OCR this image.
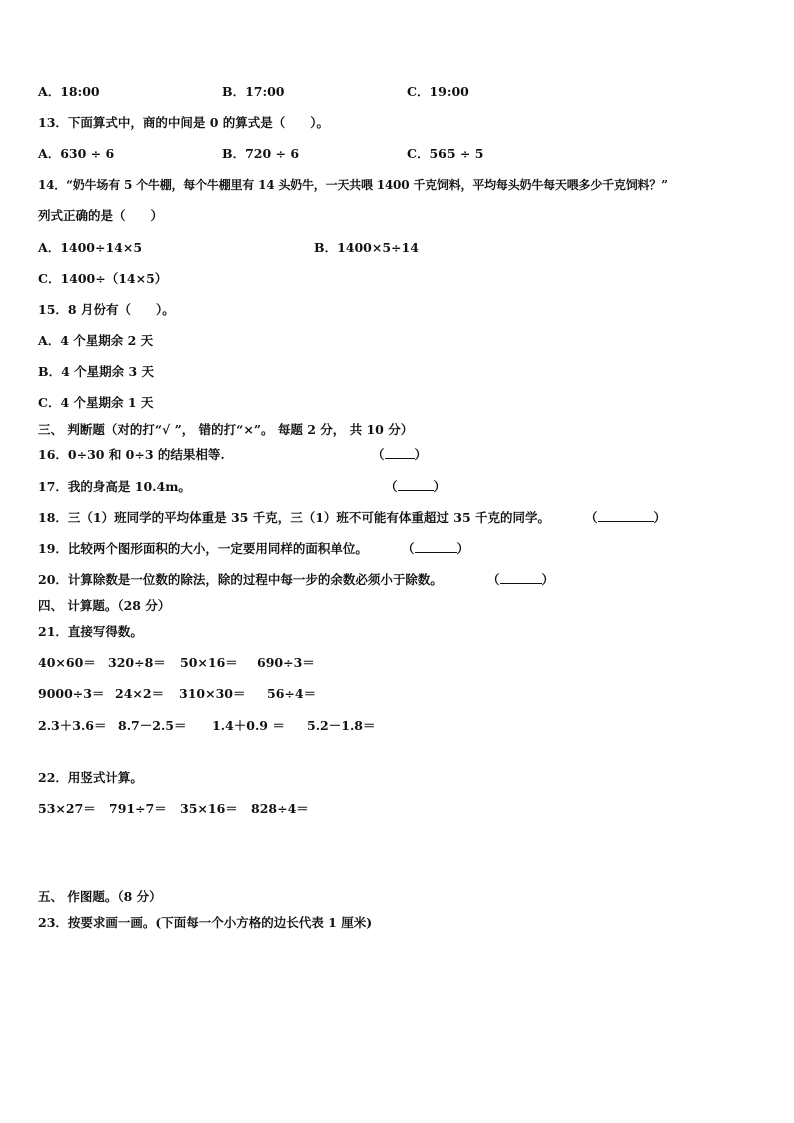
A．18:00	B．17:00	C．19:00
13．下面算式中，商的中间是 0 的算式是（　　）。
A．630 ÷ 6	B．720 ÷ 6	C．565 ÷ 5
14．“奶牛场有 5 个牛棚，每个牛棚里有 14 头奶牛，一天共喂 1400 千克饲料，平均每头奶牛每天喂多少千克饲料？”
列式正确的是（　　）
A．1400÷14×5	B．1400×5÷14
C．1400÷（14×5）
15．8 月份有（　　）。
A．4 个星期余 2 天
B．4 个星期余 3 天
C．4 个星期余 1 天
三、 判断题（对的打“√ ”， 错的打“×”。 每题 2 分， 共 10 分）
16．0÷30 和 0÷3 的结果相等.	（ ）
17．我的身高是 10.4m。	（	）
18．三（1）班同学的平均体重是 35 千克，三（1）班不可能有体重超过 35 千克的同学。	（	）
19．比较两个图形面积的大小，一定要用同样的面积单位。	（	）
20．计算除数是一位数的除法，除的过程中每一步的余数必须小于除数。	（	）
四、 计算题。（28 分）
21．直接写得数。
40×60＝ 320÷8＝ 50×16＝ 690÷3＝
9000÷3＝ 24×2＝ 310×30＝ 56÷4＝
2.3＋3.6＝ 8.7－2.5＝ 1.4＋0.9 ＝ 5.2－1.8＝
22．用竖式计算。
53×27＝ 791÷7＝ 35×16＝ 828÷4＝
五、 作图题。（8 分）
23．按要求画一画。(下面每一个小方格的边长代表 1 厘米)
